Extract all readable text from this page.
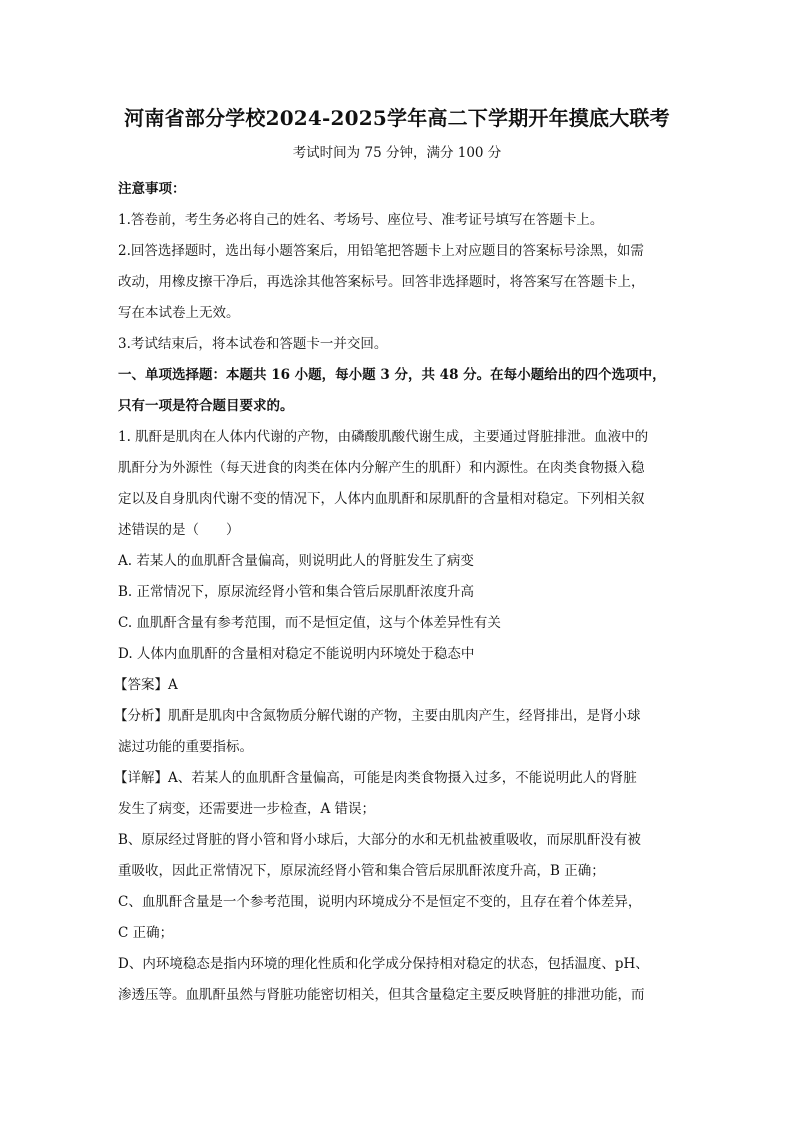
河南省部分学校2024-2025学年高二下学期开年摸底大联考
考试时间为 75 分钟，满分 100 分
注意事项：
1.答卷前，考生务必将自己的姓名、考场号、座位号、准考证号填写在答题卡上。
2.回答选择题时，选出每小题答案后，用铅笔把答题卡上对应题目的答案标号涂黑，如需
改动，用橡皮擦干净后，再选涂其他答案标号。回答非选择题时，将答案写在答题卡上，
写在本试卷上无效。
3.考试结束后，将本试卷和答题卡一并交回。
一、单项选择题：本题共 16 小题，每小题 3 分，共 48 分。在每小题给出的四个选项中，
只有一项是符合题目要求的。
1. 肌酐是肌肉在人体内代谢的产物，由磷酸肌酸代谢生成，主要通过肾脏排泄。血液中的
肌酐分为外源性（每天进食的肉类在体内分解产生的肌酐）和内源性。在肉类食物摄入稳
定以及自身肌肉代谢不变的情况下，人体内血肌酐和尿肌酐的含量相对稳定。下列相关叙
述错误的是（　　）
A. 若某人的血肌酐含量偏高，则说明此人的肾脏发生了病变
B. 正常情况下，原尿流经肾小管和集合管后尿肌酐浓度升高
C. 血肌酐含量有参考范围，而不是恒定值，这与个体差异性有关
D. 人体内血肌酐的含量相对稳定不能说明内环境处于稳态中
【答案】A
【分析】肌酐是肌肉中含氮物质分解代谢的产物，主要由肌肉产生，经肾排出，是肾小球
滤过功能的重要指标。
【详解】A、若某人的血肌酐含量偏高，可能是肉类食物摄入过多，不能说明此人的肾脏
发生了病变，还需要进一步检查，A 错误；
B、原尿经过肾脏的肾小管和肾小球后，大部分的水和无机盐被重吸收，而尿肌酐没有被
重吸收，因此正常情况下，原尿流经肾小管和集合管后尿肌酐浓度升高，B 正确；
C、血肌酐含量是一个参考范围，说明内环境成分不是恒定不变的，且存在着个体差异，
C 正确；
D、内环境稳态是指内环境的理化性质和化学成分保持相对稳定的状态，包括温度、pH、
渗透压等。血肌酐虽然与肾脏功能密切相关，但其含量稳定主要反映肾脏的排泄功能，而
